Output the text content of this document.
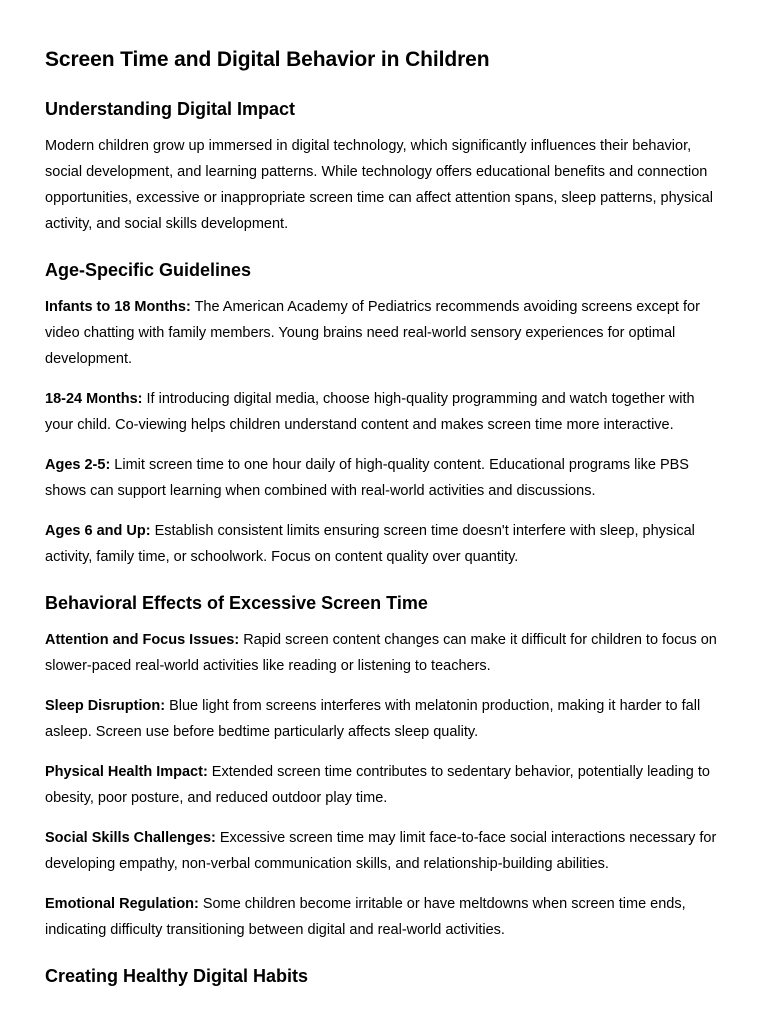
Screen Time and Digital Behavior in Children
Understanding Digital Impact

Modern children grow up immersed in digital technology, which significantly influences their behavior, social development, and learning patterns. While technology offers educational benefits and connection opportunities, excessive or inappropriate screen time can affect attention spans, sleep patterns, physical activity, and social skills development.

Age-Specific Guidelines

Infants to 18 Months: The American Academy of Pediatrics recommends avoiding screens except for video chatting with family members. Young brains need real-world sensory experiences for optimal development.

18-24 Months: If introducing digital media, choose high-quality programming and watch together with your child. Co-viewing helps children understand content and makes screen time more interactive.

Ages 2-5: Limit screen time to one hour daily of high-quality content. Educational programs like PBS shows can support learning when combined with real-world activities and discussions.

Ages 6 and Up: Establish consistent limits ensuring screen time doesn't interfere with sleep, physical activity, family time, or schoolwork. Focus on content quality over quantity.

Behavioral Effects of Excessive Screen Time

Attention and Focus Issues: Rapid screen content changes can make it difficult for children to focus on slower-paced real-world activities like reading or listening to teachers.

Sleep Disruption: Blue light from screens interferes with melatonin production, making it harder to fall asleep. Screen use before bedtime particularly affects sleep quality.

Physical Health Impact: Extended screen time contributes to sedentary behavior, potentially leading to obesity, poor posture, and reduced outdoor play time.

Social Skills Challenges: Excessive screen time may limit face-to-face social interactions necessary for developing empathy, non-verbal communication skills, and relationship-building abilities.

Emotional Regulation: Some children become irritable or have meltdowns when screen time ends, indicating difficulty transitioning between digital and real-world activities.

Creating Healthy Digital Habits
